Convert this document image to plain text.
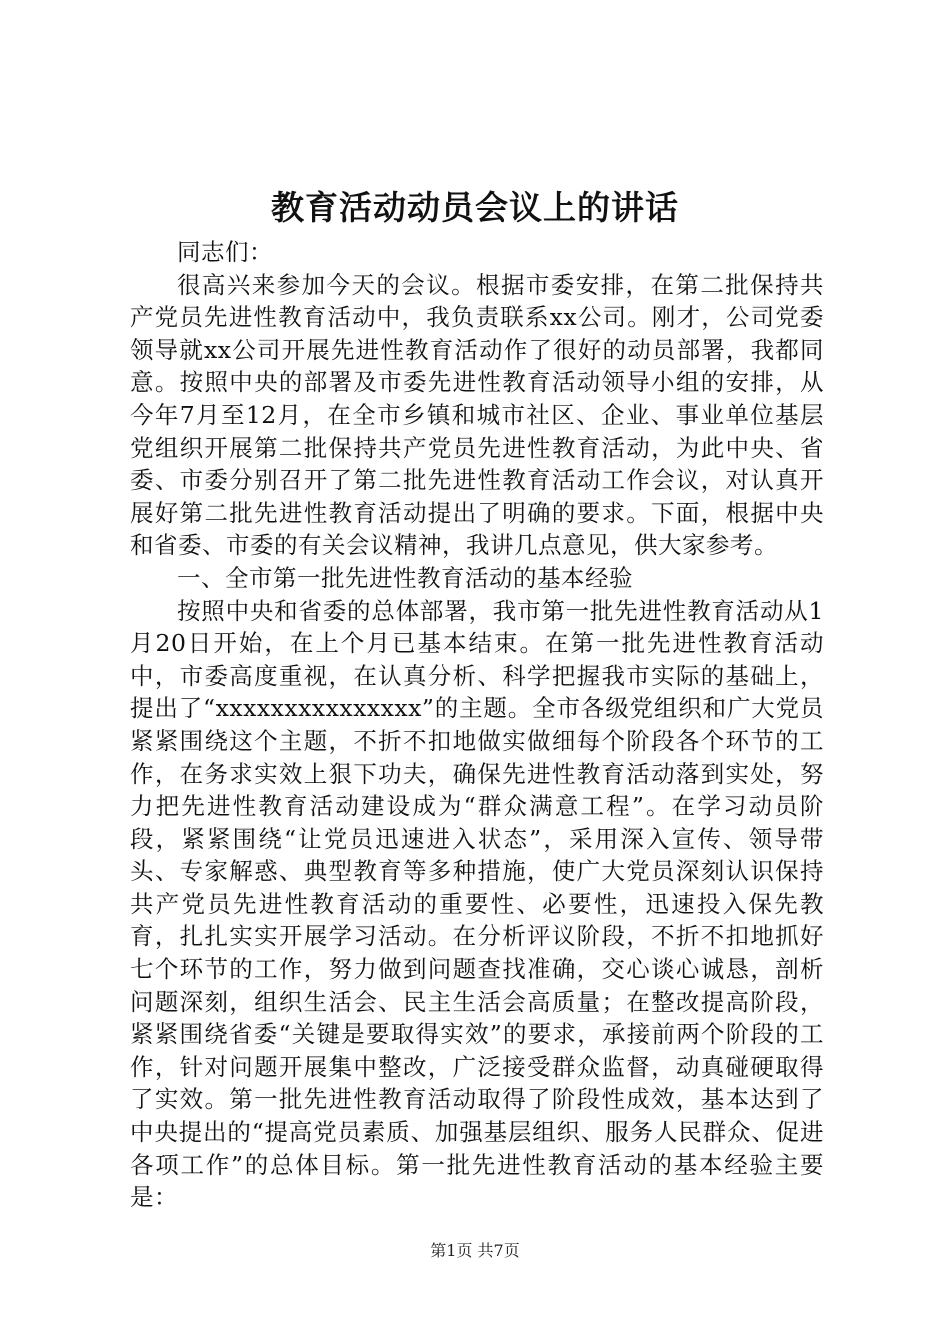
教育活动动员会议上的讲话

同志们：

很高兴来参加今天的会议。根据市委安排，在第二批保持共产党员先进性教育活动中，我负责联系xx公司。刚才，公司党委领导就xx公司开展先进性教育活动作了很好的动员部署，我都同意。按照中央的部署及市委先进性教育活动领导小组的安排，从今年7月至12月，在全市乡镇和城市社区、企业、事业单位基层党组织开展第二批保持共产党员先进性教育活动，为此中央、省委、市委分别召开了第二批先进性教育活动工作会议，对认真开展好第二批先进性教育活动提出了明确的要求。下面，根据中央和省委、市委的有关会议精神，我讲几点意见，供大家参考。

一、全市第一批先进性教育活动的基本经验

按照中央和省委的总体部署，我市第一批先进性教育活动从1月20日开始，在上个月已基本结束。在第一批先进性教育活动中，市委高度重视，在认真分析、科学把握我市实际的基础上，提出了“xxxxxxxxxxxxxxx”的主题。全市各级党组织和广大党员紧紧围绕这个主题，不折不扣地做实做细每个阶段各个环节的工作，在务求实效上狠下功夫，确保先进性教育活动落到实处，努力把先进性教育活动建设成为“群众满意工程”。在学习动员阶段，紧紧围绕“让党员迅速进入状态”，采用深入宣传、领导带头、专家解惑、典型教育等多种措施，使广大党员深刻认识保持共产党员先进性教育活动的重要性、必要性，迅速投入保先教育，扎扎实实开展学习活动。在分析评议阶段，不折不扣地抓好七个环节的工作，努力做到问题查找准确，交心谈心诚恳，剖析问题深刻，组织生活会、民主生活会高质量；在整改提高阶段，紧紧围绕省委“关键是要取得实效”的要求，承接前两个阶段的工作，针对问题开展集中整改，广泛接受群众监督，动真碰硬取得了实效。第一批先进性教育活动取得了阶段性成效，基本达到了中央提出的“提高党员素质、加强基层组织、服务人民群众、促进各项工作”的总体目标。第一批先进性教育活动的基本经验主要是：

第1页 共7页
